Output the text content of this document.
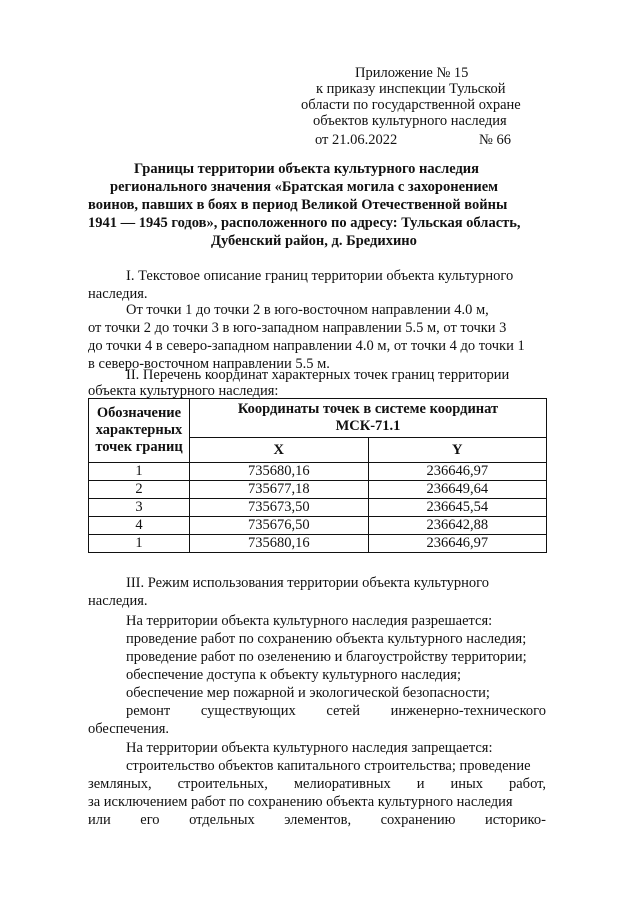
Приложение № 15
к приказу инспекции Тульской
области по государственной охране
объектов культурного наследия
от 21.06.2022	№ 66
Границы территории объекта культурного наследия
регионального значения «Братская могила с захоронением
воинов, павших в боях в период Великой Отечественной войны
1941 — 1945 годов», расположенного по адресу: Тульская область,
Дубенский район, д. Бредихино
I. Текстовое описание границ территории объекта культурного
наследия.
От точки 1 до точки 2 в юго-восточном направлении 4.0 м,
от точки 2 до точки 3 в юго-западном направлении 5.5 м, от точки 3
до точки 4 в северо-западном направлении 4.0 м, от точки 4 до точки 1
в северо-восточном направлении 5.5 м.
II. Перечень координат характерных точек границ территории
объекта культурного наследия:
Обозначение характерных точек границ	Координаты точек в системе координат МСК-71.1	
	X	Y
1	735680,16	236646,97
2	735677,18	236649,64
3	735673,50	236645,54
4	735676,50	236642,88
1	735680,16	236646,97
III. Режим использования территории объекта культурного
наследия.
На территории объекта культурного наследия разрешается:
проведение работ по сохранению объекта культурного наследия;
проведение работ по озеленению и благоустройству территории;
обеспечение доступа к объекту культурного наследия;
обеспечение мер пожарной и экологической безопасности;
ремонт существующих сетей инженерно-технического
обеспечения.
На территории объекта культурного наследия запрещается:
строительство объектов капитального строительства; проведение
земляных, строительных, мелиоративных и иных работ,
за исключением работ по сохранению объекта культурного наследия
или его отдельных элементов, сохранению историко-
